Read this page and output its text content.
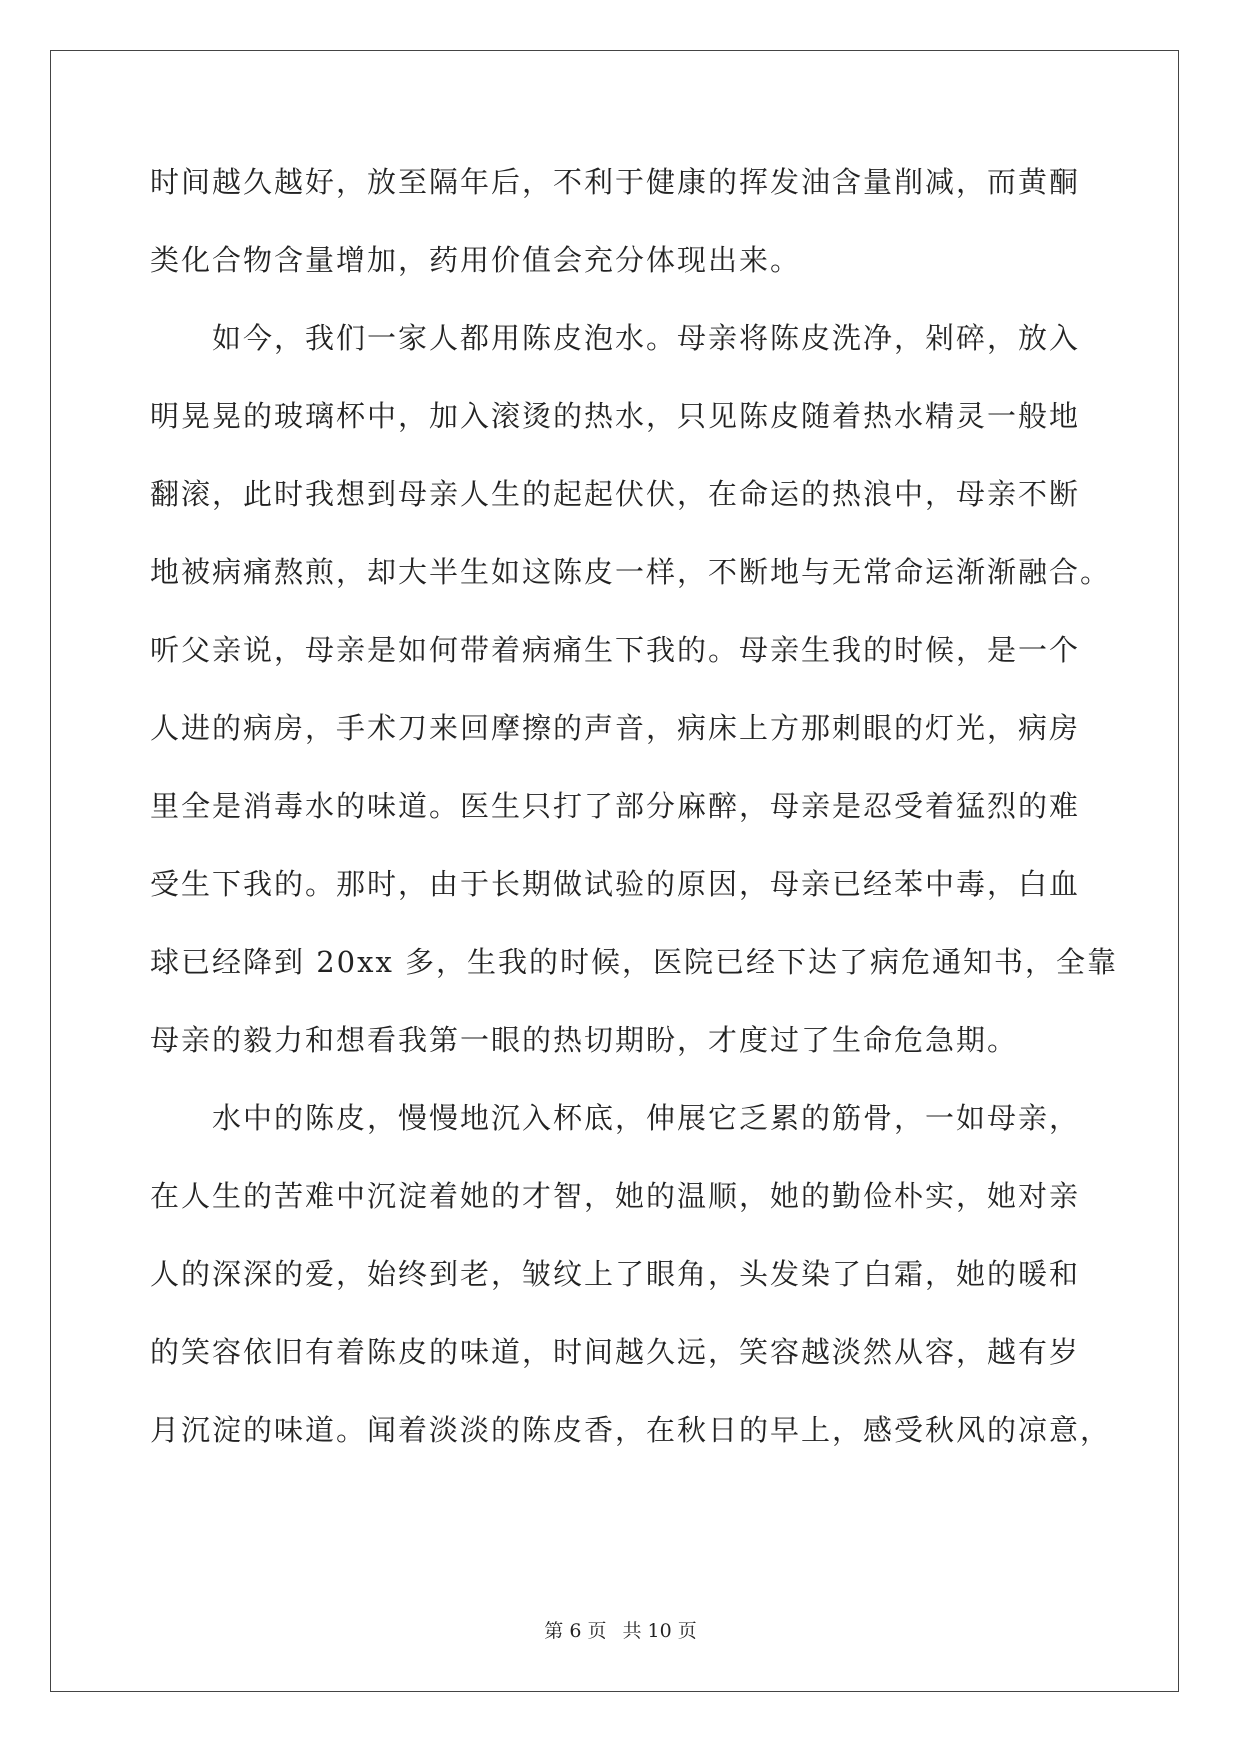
时间越久越好，放至隔年后，不利于健康的挥发油含量削减，而黄酮
类化合物含量增加，药用价值会充分体现出来。
如今，我们一家人都用陈皮泡水。母亲将陈皮洗净，剁碎，放入
明晃晃的玻璃杯中，加入滚烫的热水，只见陈皮随着热水精灵一般地
翻滚，此时我想到母亲人生的起起伏伏，在命运的热浪中，母亲不断
地被病痛熬煎，却大半生如这陈皮一样，不断地与无常命运渐渐融合。
听父亲说，母亲是如何带着病痛生下我的。母亲生我的时候，是一个
人进的病房，手术刀来回摩擦的声音，病床上方那刺眼的灯光，病房
里全是消毒水的味道。医生只打了部分麻醉，母亲是忍受着猛烈的难
受生下我的。那时，由于长期做试验的原因，母亲已经苯中毒，白血
球已经降到 20xx 多，生我的时候，医院已经下达了病危通知书，全靠
母亲的毅力和想看我第一眼的热切期盼，才度过了生命危急期。
水中的陈皮，慢慢地沉入杯底，伸展它乏累的筋骨，一如母亲，
在人生的苦难中沉淀着她的才智，她的温顺，她的勤俭朴实，她对亲
人的深深的爱，始终到老，皱纹上了眼角，头发染了白霜，她的暖和
的笑容依旧有着陈皮的味道，时间越久远，笑容越淡然从容，越有岁
月沉淀的味道。闻着淡淡的陈皮香，在秋日的早上，感受秋风的凉意，
第 6 页 共 10 页
